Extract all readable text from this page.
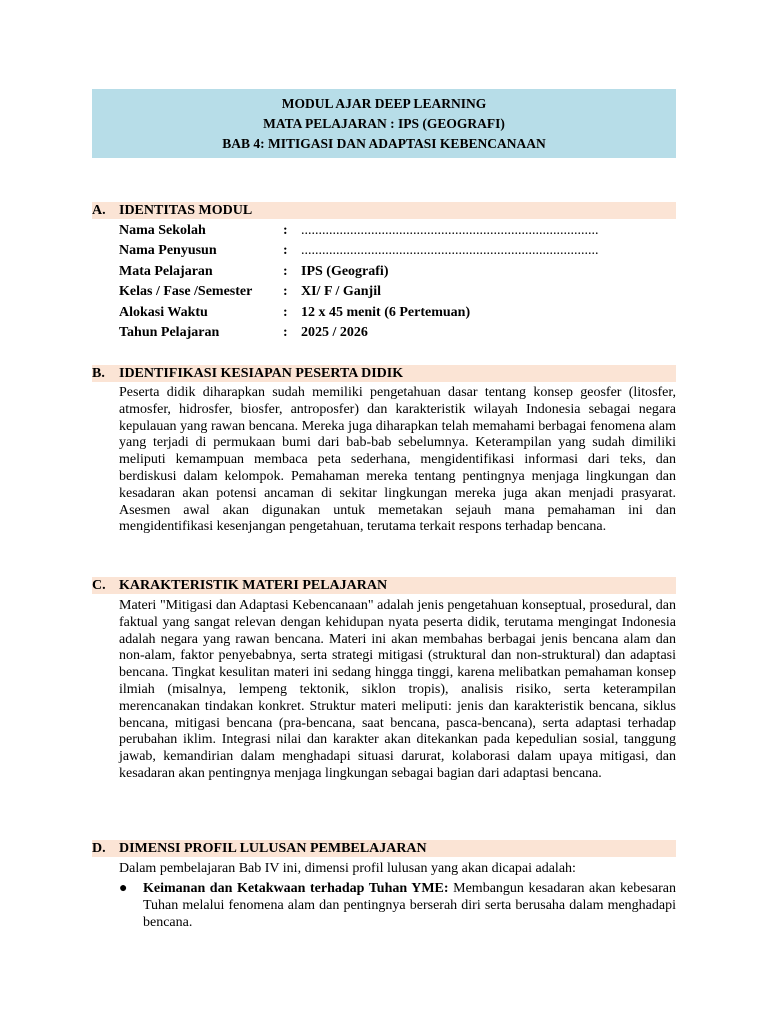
MODUL AJAR DEEP LEARNING
MATA PELAJARAN : IPS (GEOGRAFI)
BAB 4: MITIGASI DAN ADAPTASI KEBENCANAAN
A. IDENTITAS MODUL
Nama Sekolah	: .....................................................................................
Nama Penyusun	: .....................................................................................
Mata Pelajaran	: IPS (Geografi)
Kelas / Fase /Semester : XI/ F / Ganjil
Alokasi Waktu	: 12 x 45 menit (6 Pertemuan)
Tahun Pelajaran	: 2025 / 2026
B. IDENTIFIKASI KESIAPAN PESERTA DIDIK
Peserta didik diharapkan sudah memiliki pengetahuan dasar tentang konsep geosfer (litosfer, atmosfer, hidrosfer, biosfer, antroposfer) dan karakteristik wilayah Indonesia sebagai negara kepulauan yang rawan bencana. Mereka juga diharapkan telah memahami berbagai fenomena alam yang terjadi di permukaan bumi dari bab-bab sebelumnya. Keterampilan yang sudah dimiliki meliputi kemampuan membaca peta sederhana, mengidentifikasi informasi dari teks, dan berdiskusi dalam kelompok. Pemahaman mereka tentang pentingnya menjaga lingkungan dan kesadaran akan potensi ancaman di sekitar lingkungan mereka juga akan menjadi prasyarat. Asesmen awal akan digunakan untuk memetakan sejauh mana pemahaman ini dan mengidentifikasi kesenjangan pengetahuan, terutama terkait respons terhadap bencana.
C. KARAKTERISTIK MATERI PELAJARAN
Materi "Mitigasi dan Adaptasi Kebencanaan" adalah jenis pengetahuan konseptual, prosedural, dan faktual yang sangat relevan dengan kehidupan nyata peserta didik, terutama mengingat Indonesia adalah negara yang rawan bencana. Materi ini akan membahas berbagai jenis bencana alam dan non-alam, faktor penyebabnya, serta strategi mitigasi (struktural dan non-struktural) dan adaptasi bencana. Tingkat kesulitan materi ini sedang hingga tinggi, karena melibatkan pemahaman konsep ilmiah (misalnya, lempeng tektonik, siklon tropis), analisis risiko, serta keterampilan merencanakan tindakan konkret. Struktur materi meliputi: jenis dan karakteristik bencana, siklus bencana, mitigasi bencana (pra-bencana, saat bencana, pasca-bencana), serta adaptasi terhadap perubahan iklim. Integrasi nilai dan karakter akan ditekankan pada kepedulian sosial, tanggung jawab, kemandirian dalam menghadapi situasi darurat, kolaborasi dalam upaya mitigasi, dan kesadaran akan pentingnya menjaga lingkungan sebagai bagian dari adaptasi bencana.
D. DIMENSI PROFIL LULUSAN PEMBELAJARAN
Dalam pembelajaran Bab IV ini, dimensi profil lulusan yang akan dicapai adalah:
● Keimanan dan Ketakwaan terhadap Tuhan YME: Membangun kesadaran akan kebesaran Tuhan melalui fenomena alam dan pentingnya berserah diri serta berusaha dalam menghadapi bencana.
